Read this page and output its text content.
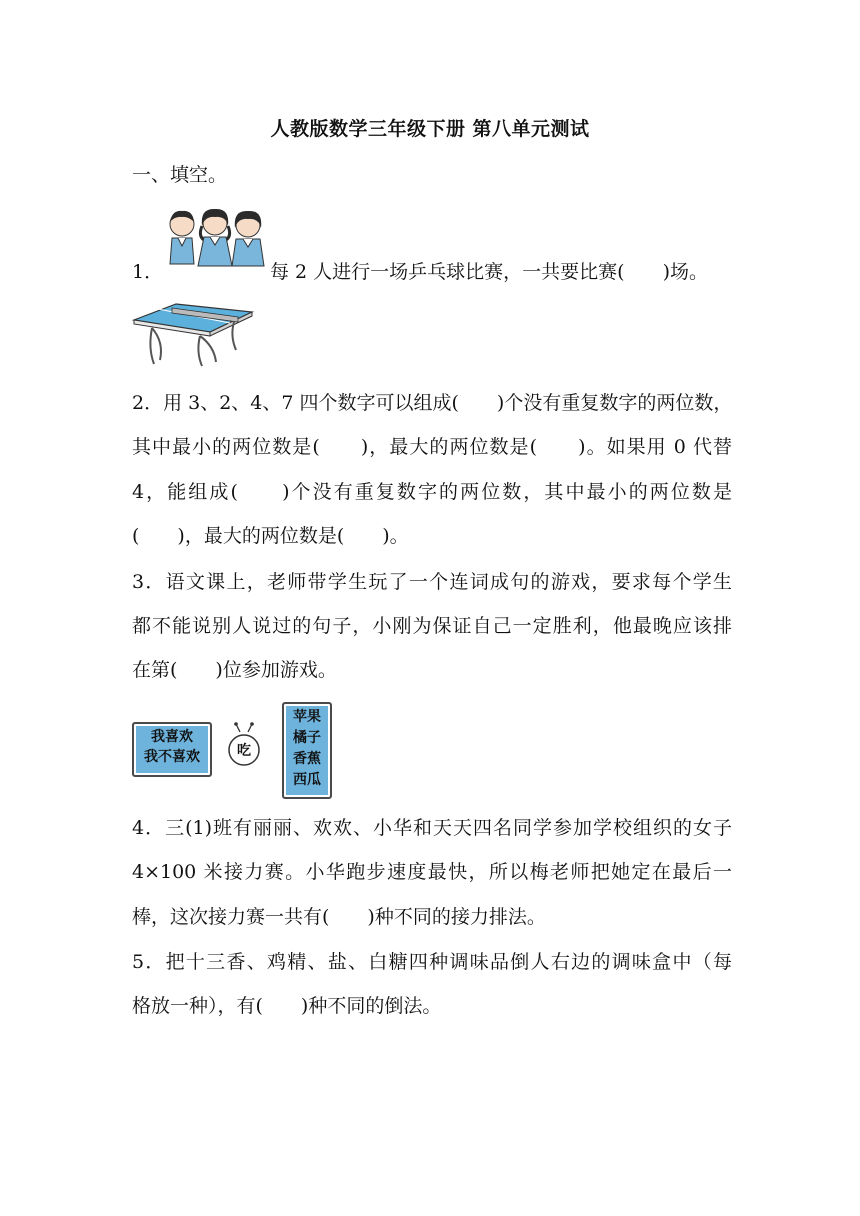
人教版数学三年级下册 第八单元测试
一、填空。
1．	每 2 人进行一场乒乓球比赛，一共要比赛(　　)场。
2．用 3、2、4、7 四个数字可以组成(　　)个没有重复数字的两位数，
其中最小的两位数是(　　)，最大的两位数是(　　)。如果用 0 代替
4，能组成(　　)个没有重复数字的两位数，其中最小的两位数是
(　　)，最大的两位数是(　　)。
3．语文课上，老师带学生玩了一个连词成句的游戏，要求每个学生
都不能说别人说过的句子，小刚为保证自己一定胜利，他最晚应该排
在第(　　)位参加游戏。
我喜欢
我不喜欢	吃
苹果
橘子
香蕉
西瓜
4．三(1)班有丽丽、欢欢、小华和天天四名同学参加学校组织的女子
4×100 米接力赛。小华跑步速度最快，所以梅老师把她定在最后一
棒，这次接力赛一共有(　　)种不同的接力排法。
5．把十三香、鸡精、盐、白糖四种调味品倒人右边的调味盒中（每
格放一种），有(　　)种不同的倒法。
